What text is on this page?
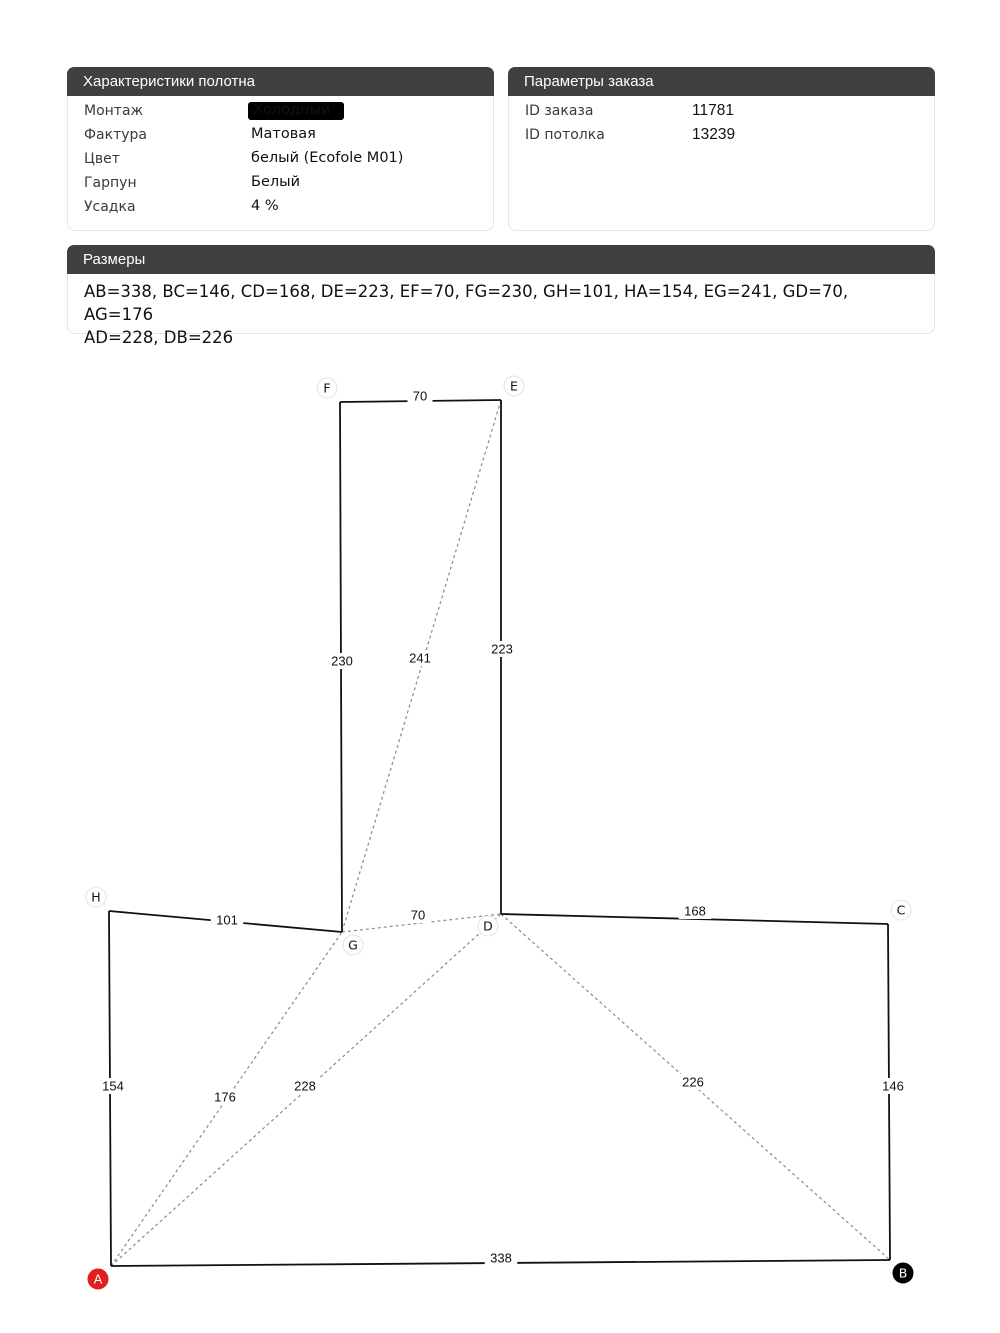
Характеристики полотна
Монтаж	Холодный
Фактура	Матовая
Цвет	белый (Ecofole M01)
Гарпун	Белый
Усадка	4 %
Параметры заказа
ID заказа	11781
ID потолка	13239
Размеры
AB=338, BC=146, CD=168, DE=223, EF=70, FG=230, GH=101, HA=154, EG=241, GD=70, AG=176
AD=228, DB=226
241
70
176
228	226
338
146
168
223
70
230
101
154
A	B
C
D
E
F
G
H
